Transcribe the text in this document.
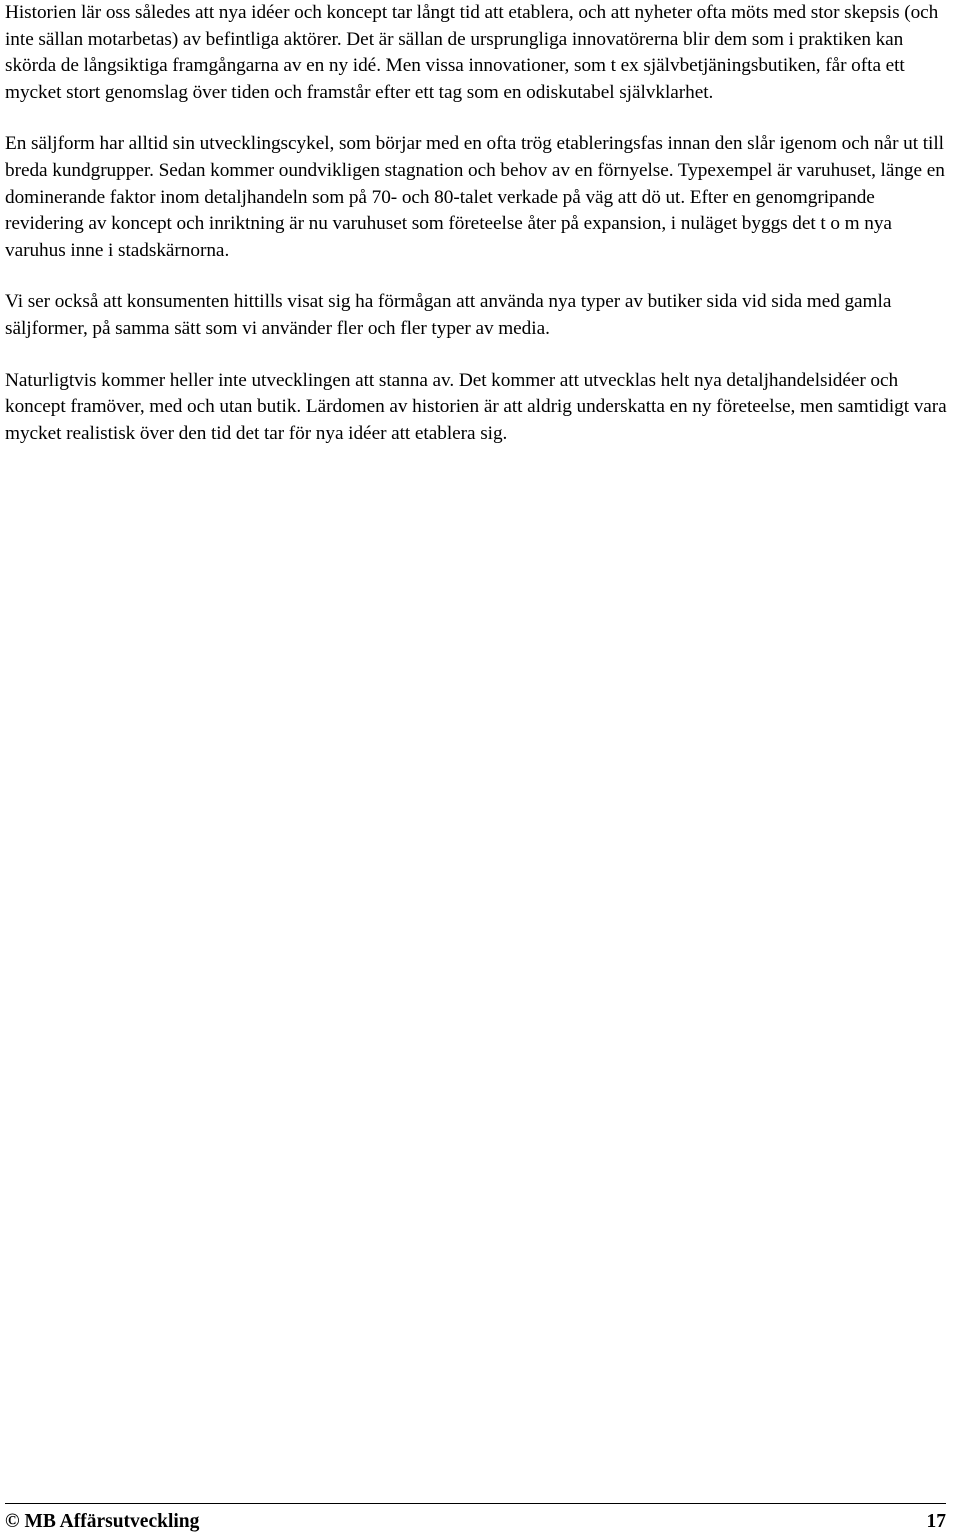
Historien lär oss således att nya idéer och koncept tar långt tid att etablera, och att nyheter ofta möts med stor skepsis (och inte sällan motarbetas) av befintliga aktörer. Det är sällan de ursprungliga innovatörerna blir dem som i praktiken kan skörda de långsiktiga framgångarna av en ny idé. Men vissa innovationer, som t ex självbetjäningsbutiken, får ofta ett mycket stort genomslag över tiden och framstår efter ett tag som en odiskutabel självklarhet.

En säljform har alltid sin utvecklingscykel, som börjar med en ofta trög etableringsfas innan den slår igenom och når ut till breda kundgrupper. Sedan kommer oundvikligen stagnation och behov av en förnyelse. Typexempel är varuhuset, länge en dominerande faktor inom detaljhandeln som på 70- och 80-talet verkade på väg att dö ut. Efter en genomgripande revidering av koncept och inriktning är nu varuhuset som företeelse åter på expansion, i nuläget byggs det t o m nya varuhus inne i stadskärnorna.

Vi ser också att konsumenten hittills visat sig ha förmågan att använda nya typer av butiker sida vid sida med gamla säljformer, på samma sätt som vi använder fler och fler typer av media.

Naturligtvis kommer heller inte utvecklingen att stanna av. Det kommer att utvecklas helt nya detaljhandelsidéer och koncept framöver, med och utan butik. Lärdomen av historien är att aldrig underskatta en ny företeelse, men samtidigt vara mycket realistisk över den tid det tar för nya idéer att etablera sig.

© MB Affärsutveckling	17
